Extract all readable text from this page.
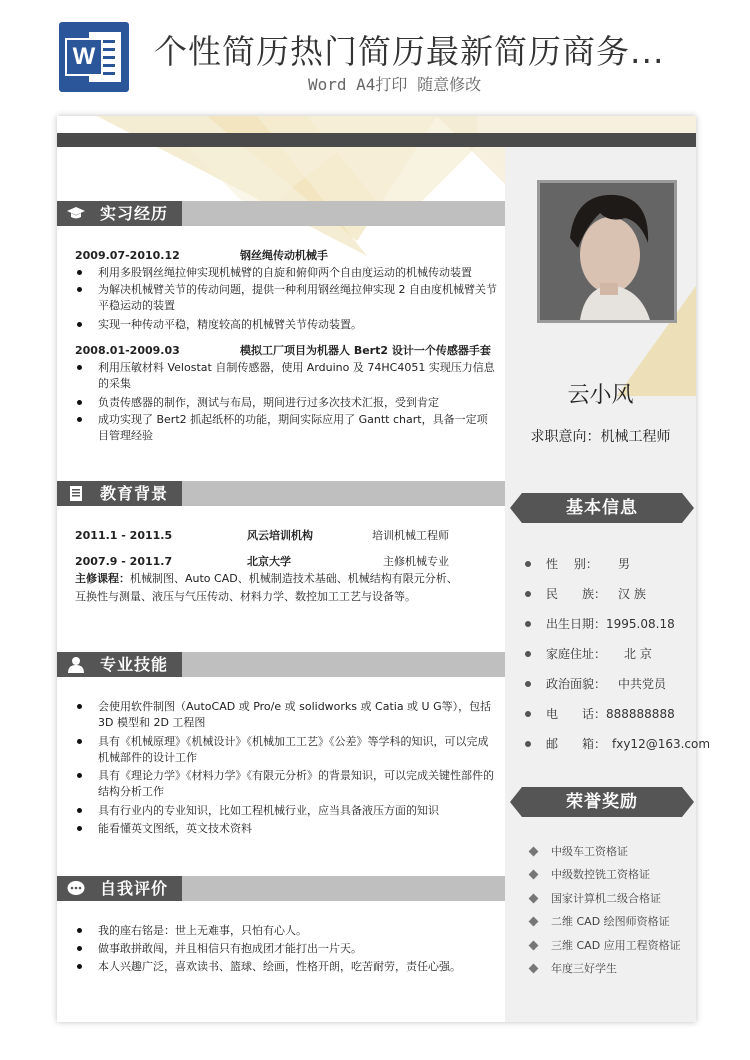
W 个性简历热门简历最新简历商务...
Word A4打印 随意修改
云小风
求职意向：机械工程师
基本信息
性　 别： 男
民　　族： 汉 族
出生日期： 1995.08.18
家庭住址： 北 京
政治面貌： 中共党员
电　　话： 888888888
邮　　箱： fxy12@163.com
荣誉奖励
中级车工资格证
中级数控铣工资格证
国家计算机二级合格证
二维 CAD 绘图师资格证
三维 CAD 应用工程资格证
年度三好学生
实习经历
2009.07-2010.12	钢丝绳传动机械手
利用多股钢丝绳拉伸实现机械臂的自旋和俯仰两个自由度运动的机械传动装置
为解决机械臂关节的传动问题，提供一种利用钢丝绳拉伸实现 2 自由度机械臂关节平稳运动的装置
实现一种传动平稳，精度较高的机械臂关节传动装置。
2008.01-2009.03	模拟工厂项目为机器人 Bert2 设计一个传感器手套
利用压敏材料 Velostat 自制传感器，使用 Arduino 及 74HC4051 实现压力信息的采集
负责传感器的制作，测试与布局，期间进行过多次技术汇报，受到肯定
成功实现了 Bert2 抓起纸杯的功能，期间实际应用了 Gantt chart，具备一定项目管理经验
教育背景
2011.1 - 2011.5	风云培训机构	培训机械工程师
2007.9 - 2011.7	北京大学	主修机械专业
主修课程：机械制图、Auto CAD、机械制造技术基础、机械结构有限元分析、
互换性与测量、液压与气压传动、材料力学、数控加工工艺与设备等。
专业技能
会使用软件制图（AutoCAD 或 Pro/e 或 solidworks 或 Catia 或 U G等），包括 3D 模型和 2D 工程图
具有《机械原理》《机械设计》《机械加工工艺》《公差》等学科的知识，可以完成机械部件的设计工作
具有《理论力学》《材料力学》《有限元分析》的背景知识，可以完成关键性部件的结构分析工作
具有行业内的专业知识，比如工程机械行业，应当具备液压方面的知识
能看懂英文图纸，英文技术资料
自我评价
我的座右铭是：世上无难事，只怕有心人。
做事敢拼敢闯，并且相信只有抱成团才能打出一片天。
本人兴趣广泛，喜欢读书、篮球、绘画，性格开朗，吃苦耐劳，责任心强。
